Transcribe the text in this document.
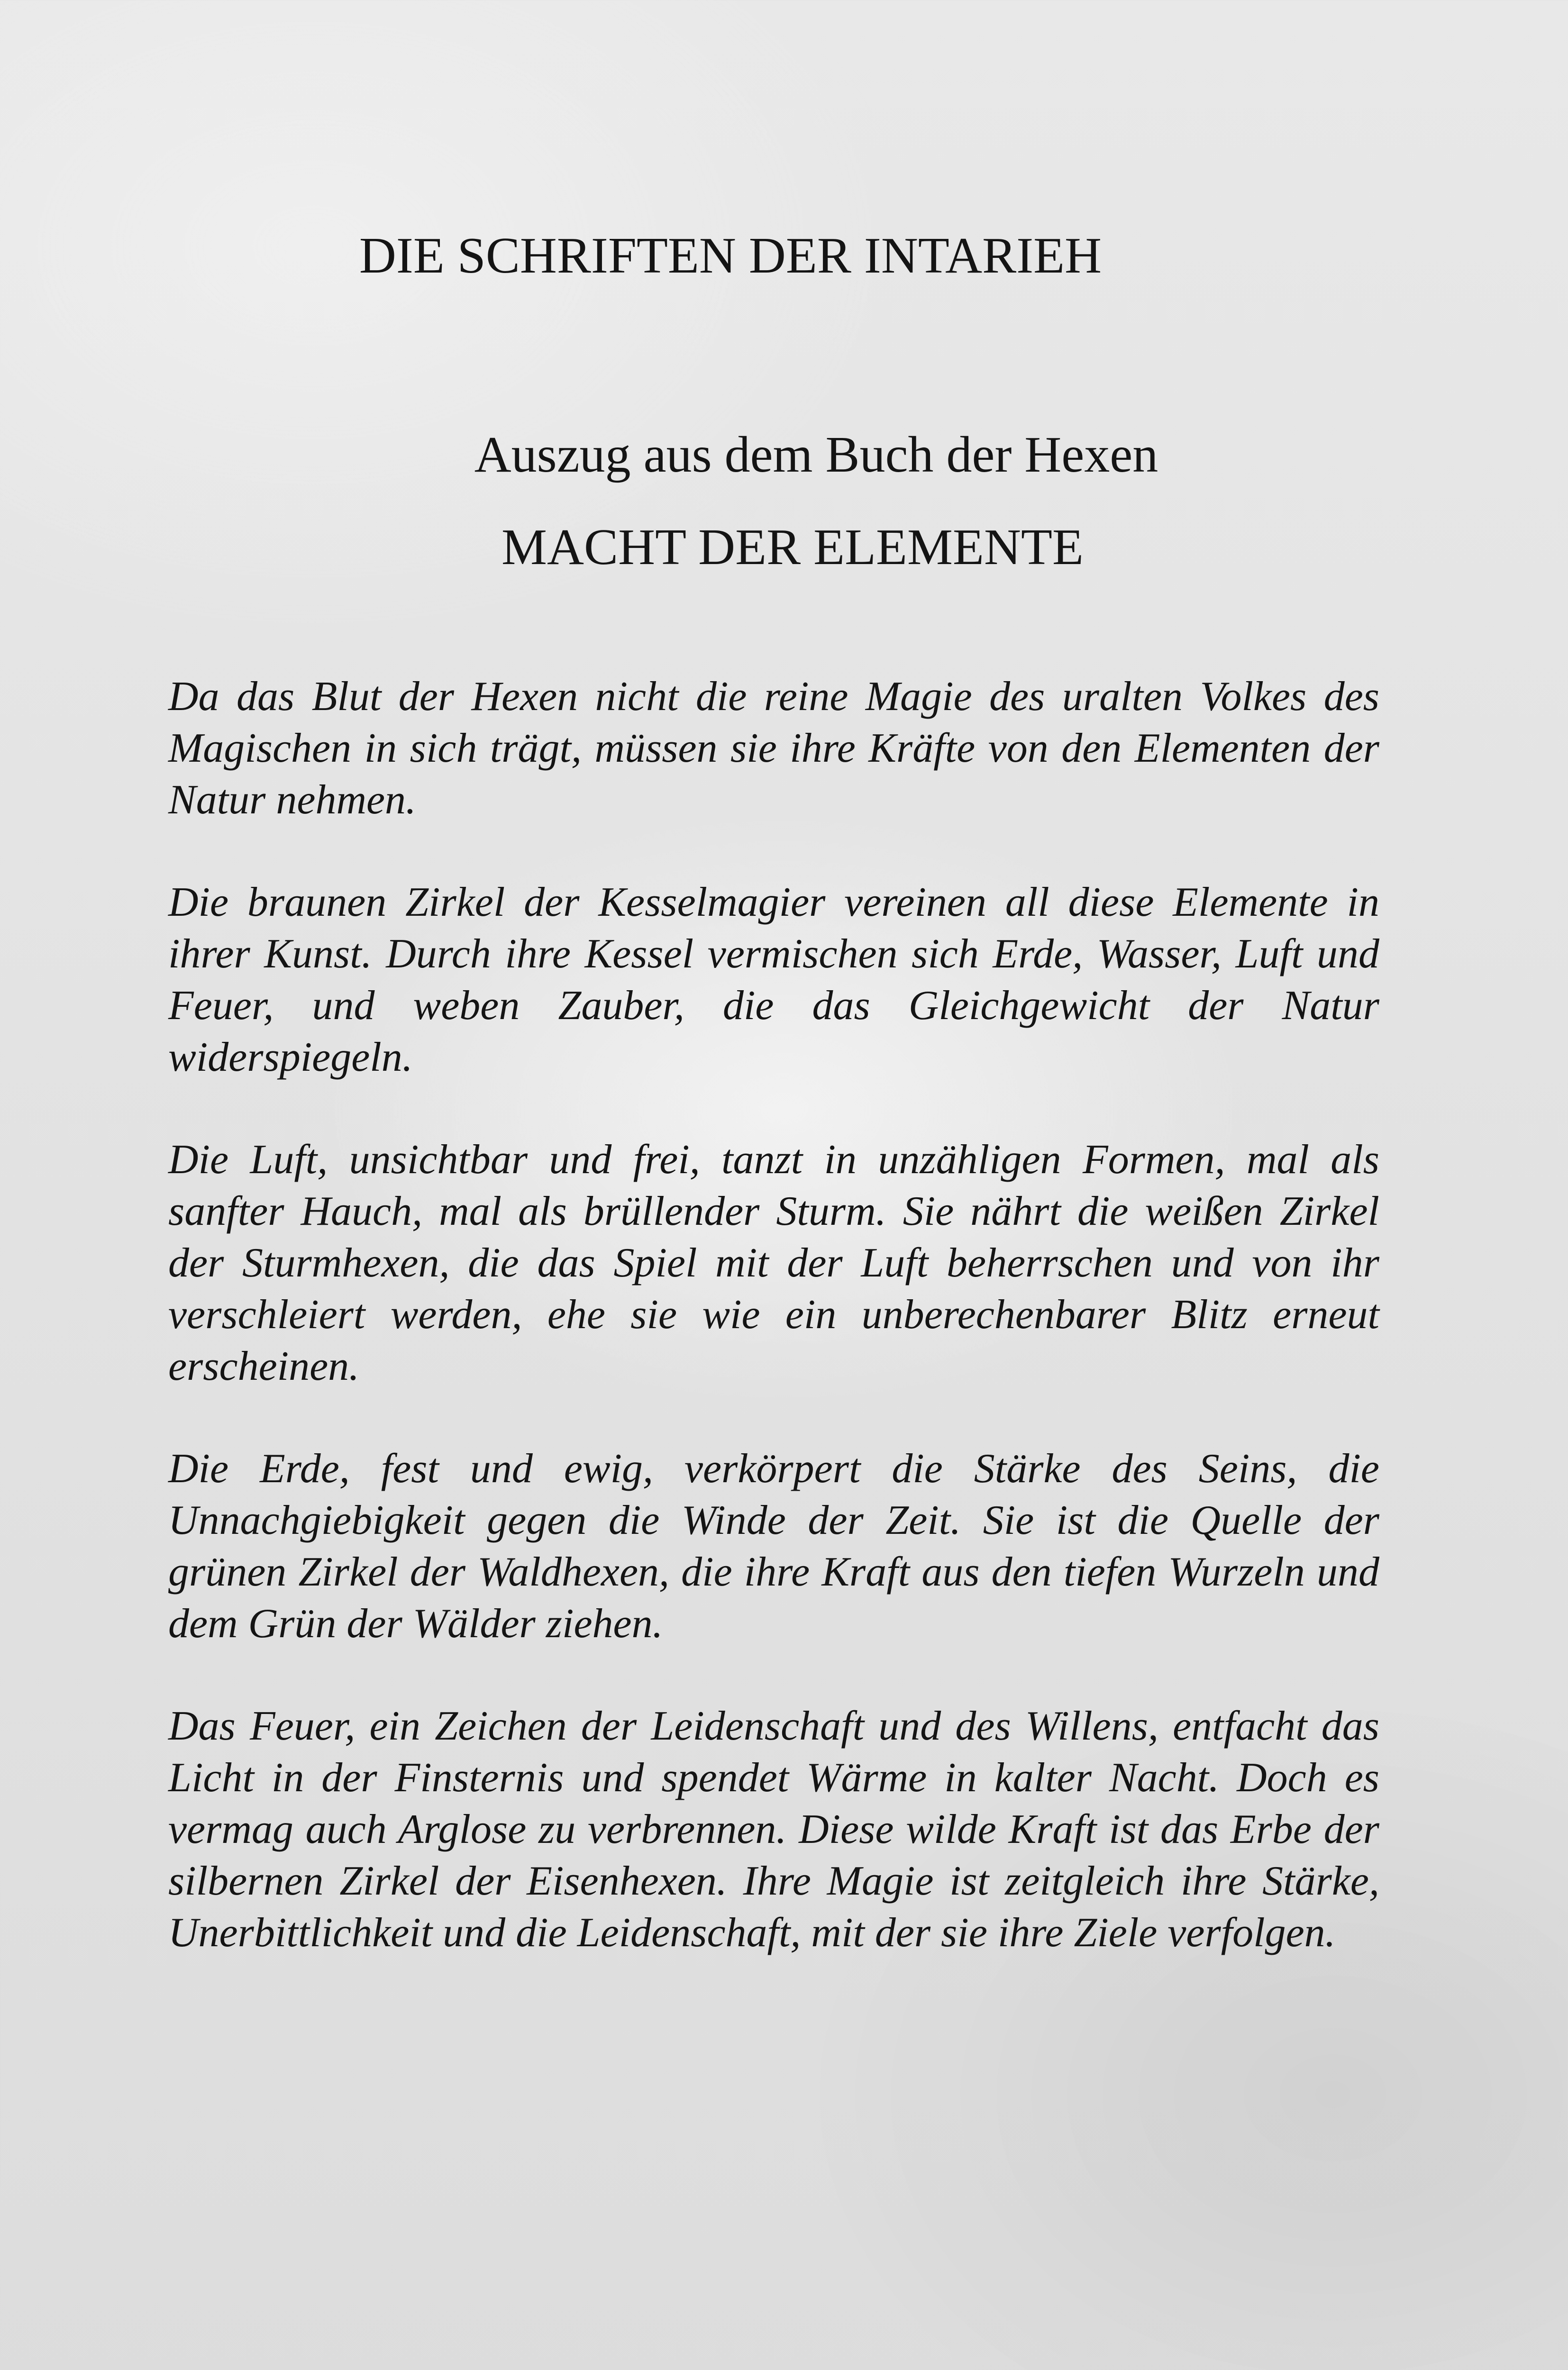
DIE SCHRIFTEN DER INTARIEH
Auszug aus dem Buch der Hexen
MACHT DER ELEMENTE

Da das Blut der Hexen nicht die reine Magie des uralten Volkes des Magischen in sich trägt, müssen sie ihre Kräfte von den Elementen der Natur nehmen.

Die braunen Zirkel der Kesselmagier vereinen all diese Elemente in ihrer Kunst. Durch ihre Kessel vermischen sich Erde, Wasser, Luft und Feuer, und weben Zauber, die das Gleichgewicht der Natur widerspiegeln.

Die Luft, unsichtbar und frei, tanzt in unzähligen Formen, mal als sanfter Hauch, mal als brüllender Sturm. Sie nährt die weißen Zirkel der Sturmhexen, die das Spiel mit der Luft beherrschen und von ihr verschleiert werden, ehe sie wie ein unberechenbarer Blitz erneut erscheinen.

Die Erde, fest und ewig, verkörpert die Stärke des Seins, die Unnachgiebigkeit gegen die Winde der Zeit. Sie ist die Quelle der grünen Zirkel der Waldhexen, die ihre Kraft aus den tiefen Wurzeln und dem Grün der Wälder ziehen.

Das Feuer, ein Zeichen der Leidenschaft und des Willens, entfacht das Licht in der Finsternis und spendet Wärme in kalter Nacht. Doch es vermag auch Arglose zu verbrennen. Diese wilde Kraft ist das Erbe der silbernen Zirkel der Eisenhexen. Ihre Magie ist zeitgleich ihre Stärke, Unerbittlichkeit und die Leidenschaft, mit der sie ihre Ziele verfolgen.
